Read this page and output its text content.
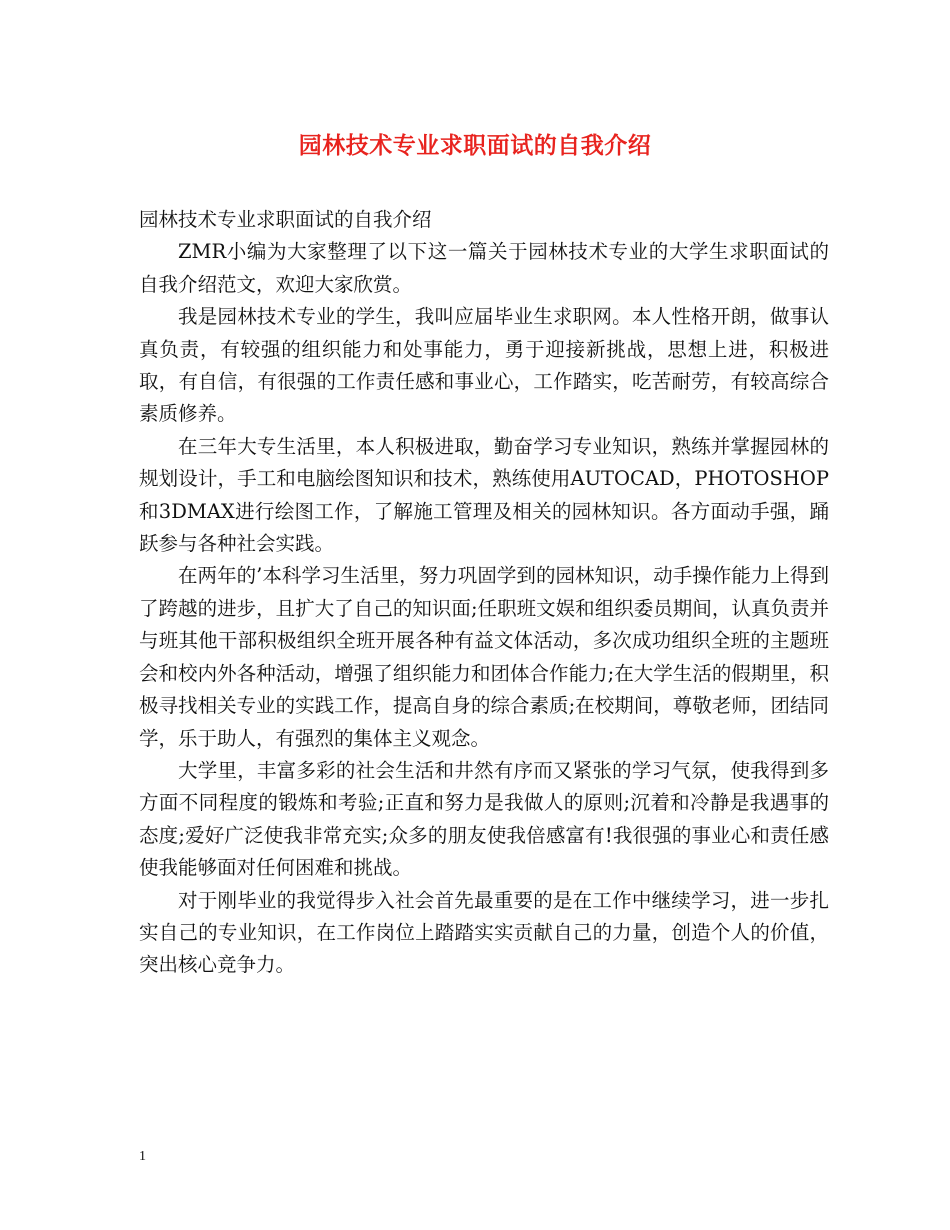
园林技术专业求职面试的自我介绍

园林技术专业求职面试的自我介绍

ZMR小编为大家整理了以下这一篇关于园林技术专业的大学生求职面试的自我介绍范文，欢迎大家欣赏。

我是园林技术专业的学生，我叫应届毕业生求职网。本人性格开朗，做事认真负责，有较强的组织能力和处事能力，勇于迎接新挑战，思想上进，积极进取，有自信，有很强的工作责任感和事业心，工作踏实，吃苦耐劳，有较高综合素质修养。

在三年大专生活里，本人积极进取，勤奋学习专业知识，熟练并掌握园林的规划设计，手工和电脑绘图知识和技术，熟练使用AUTOCAD，PHOTOSHOP和3DMAX进行绘图工作，了解施工管理及相关的园林知识。各方面动手强，踊跃参与各种社会实践。

在两年的’本科学习生活里，努力巩固学到的园林知识，动手操作能力上得到了跨越的进步，且扩大了自己的知识面;任职班文娱和组织委员期间，认真负责并与班其他干部积极组织全班开展各种有益文体活动，多次成功组织全班的主题班会和校内外各种活动，增强了组织能力和团体合作能力;在大学生活的假期里，积极寻找相关专业的实践工作，提高自身的综合素质;在校期间，尊敬老师，团结同学，乐于助人，有强烈的集体主义观念。

大学里，丰富多彩的社会生活和井然有序而又紧张的学习气氛，使我得到多方面不同程度的锻炼和考验;正直和努力是我做人的原则;沉着和冷静是我遇事的态度;爱好广泛使我非常充实;众多的朋友使我倍感富有!我很强的事业心和责任感使我能够面对任何困难和挑战。

对于刚毕业的我觉得步入社会首先最重要的是在工作中继续学习，进一步扎实自己的专业知识，在工作岗位上踏踏实实贡献自己的力量，创造个人的价值，突出核心竞争力。

1
